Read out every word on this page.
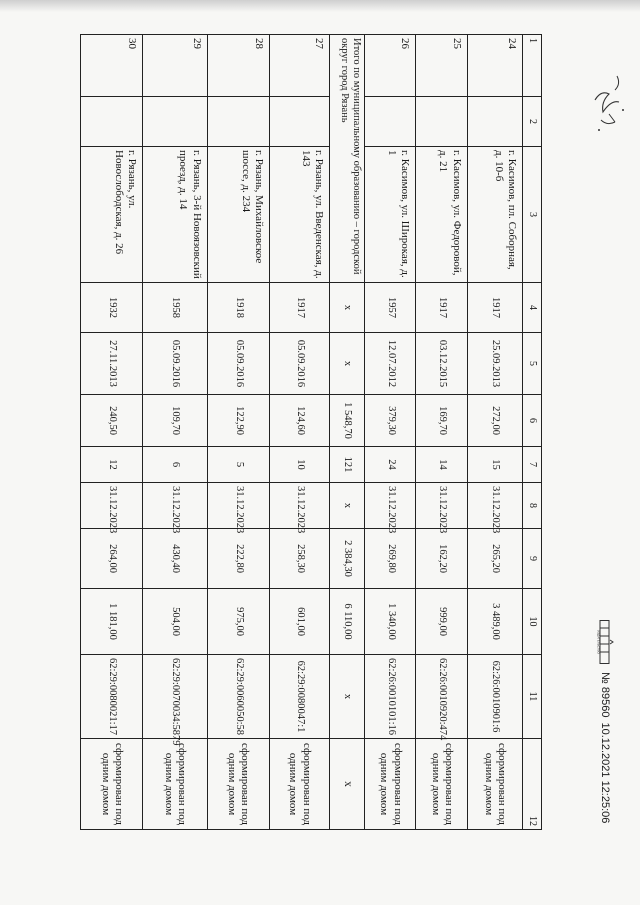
1	2	3	4	5	6	7	8	9	10	11	12
24		г. Касимов, пл. Соборная, д. 10-б	1917	25.09.2013	272,00	15	31.12.2023	265,20	3 489,00	62:26:0010901:6	сформирован под одним домом
25		г. Касимов, ул. Федоровой, д. 21	1917	03.12.2015	169,70	14	31.12.2023	162,20	999,00	62:26:0010920:474	сформирован под одним домом
26		г. Касимов, ул. Широкая, д. 1	1957	12.07.2012	379,30	24	31.12.2023	269,80	1 340,00	62:26:0010101:16	сформирован под одним домом
Итого по муниципальному образованию – городской округ город Рязань			х	х	1 548,70	121	х	2 384,30	6 110,00	х	х
27		г. Рязань, ул. Введенская, д. 143	1917	05.09.2016	124,60	10	31.12.2023	258,30	601,00	62:29:0080047:1	сформирован под одним домом
28		г. Рязань, Михайловское шоссе, д. 234	1918	05.09.2016	122,90	5	31.12.2023	222,80	975,00	62:29:0060050:58	сформирован под одним домом
29		г. Рязань, 3-й Новоязовский проезд, д. 14	1958	05.09.2016	109,70	6	31.12.2023	430,40	504,00	62:29:0070034:5879	сформирован под одним домом
30		г. Рязань, ул. Новослободская, д. 26	1932	27.11.2013	240,50	12	31.12.2023	264,00	1 181,00	62:29:0080021:17	сформирован под одним домом
ИЗДАТЕЛЬСТВО
№ 89560
10.12.2021 12:25:06
